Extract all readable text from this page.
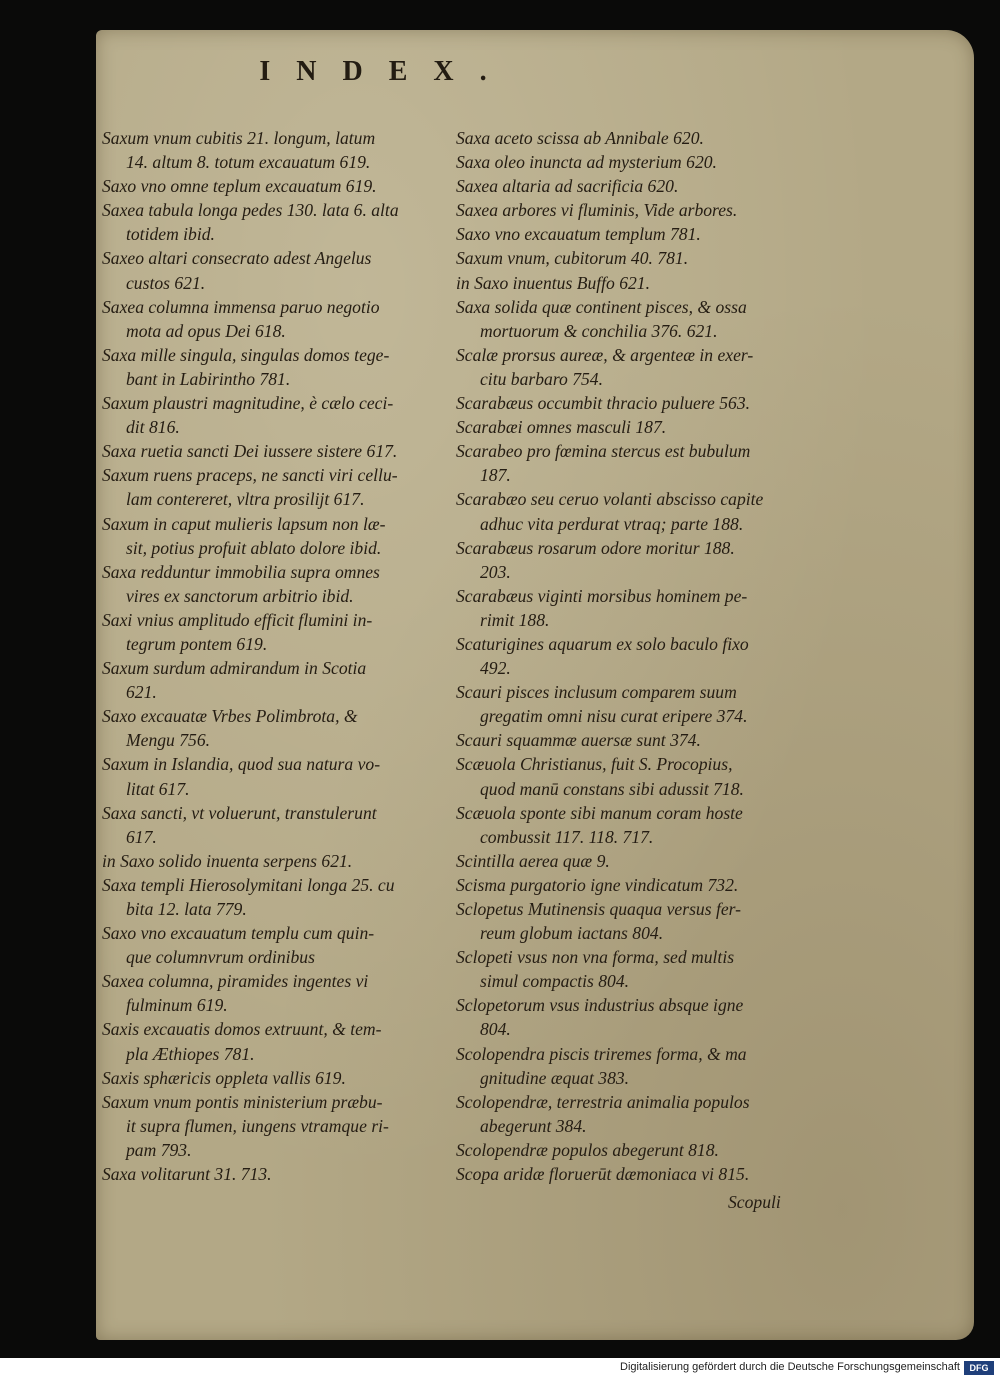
INDEX.
Saxum vnum cubitis 21. longum, latum
14. altum 8. totum excauatum 619.
Saxo vno omne teplum excauatum 619.
Saxea tabula longa pedes 130. lata 6. alta
totidem ibid.
Saxeo altari consecrato adest Angelus
custos 621.
Saxea columna immensa paruo negotio
mota ad opus Dei 618.
Saxa mille singula, singulas domos tege-
bant in Labirintho 781.
Saxum plaustri magnitudine, è cælo ceci-
dit 816.
Saxa ruetia sancti Dei iussere sistere 617.
Saxum ruens praceps, ne sancti viri cellu-
lam contereret, vltra prosilijt 617.
Saxum in caput mulieris lapsum non læ-
sit, potius profuit ablato dolore ibid.
Saxa redduntur immobilia supra omnes
vires ex sanctorum arbitrio ibid.
Saxi vnius amplitudo efficit flumini in-
tegrum pontem 619.
Saxum surdum admirandum in Scotia
621.
Saxo excauatæ Vrbes Polimbrota, &
Mengu 756.
Saxum in Islandia, quod sua natura vo-
litat 617.
Saxa sancti, vt voluerunt, transtulerunt
617.
in Saxo solido inuenta serpens 621.
Saxa templi Hierosolymitani longa 25. cu
bita 12. lata 779.
Saxo vno excauatum templu cum quin-
que columnvrum ordinibus
Saxea columna, piramides ingentes vi
fulminum 619.
Saxis excauatis domos extruunt, & tem-
pla Æthiopes 781.
Saxis sphæricis oppleta vallis 619.
Saxum vnum pontis ministerium præbu-
it supra flumen, iungens vtramque ri-
pam 793.
Saxa volitarunt 31. 713.
Saxa aceto scissa ab Annibale 620.
Saxa oleo inuncta ad mysterium 620.
Saxea altaria ad sacrificia 620.
Saxea arbores vi fluminis, Vide arbores.
Saxo vno excauatum templum 781.
Saxum vnum, cubitorum 40. 781.
in Saxo inuentus Buffo 621.
Saxa solida quæ continent pisces, & ossa
mortuorum & conchilia 376. 621.
Scalæ prorsus aureæ, & argenteæ in exer-
citu barbaro 754.
Scarabæus occumbit thracio puluere 563.
Scarabæi omnes masculi 187.
Scarabeo pro fœmina stercus est bubulum
187.
Scarabæo seu ceruo volanti abscisso capite
adhuc vita perdurat vtraq; parte 188.
Scarabæus rosarum odore moritur 188.
203.
Scarabæus viginti morsibus hominem pe-
rimit 188.
Scaturigines aquarum ex solo baculo fixo
492.
Scauri pisces inclusum comparem suum
gregatim omni nisu curat eripere 374.
Scauri squammæ auersæ sunt 374.
Scæuola Christianus, fuit S. Procopius,
quod manū constans sibi adussit 718.
Scæuola sponte sibi manum coram hoste
combussit 117. 118. 717.
Scintilla aerea quæ 9.
Scisma purgatorio igne vindicatum 732.
Sclopetus Mutinensis quaqua versus fer-
reum globum iactans 804.
Sclopeti vsus non vna forma, sed multis
simul compactis 804.
Sclopetorum vsus industrius absque igne
804.
Scolopendra piscis triremes forma, & ma
gnitudine æquat 383.
Scolopendræ, terrestria animalia populos
abegerunt 384.
Scolopendræ populos abegerunt 818.
Scopa aridæ floruerūt dæmoniaca vi 815.
Scopuli
Digitalisierung gefördert durch die Deutsche Forschungsgemeinschaft	DFG
